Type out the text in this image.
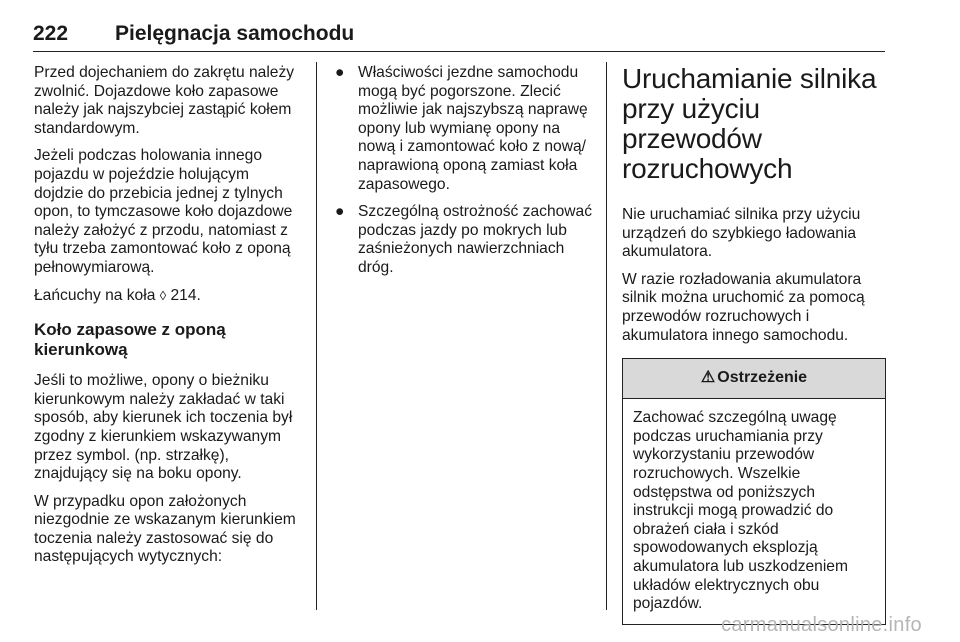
222 Pielęgnacja samochodu

Przed dojechaniem do zakrętu należy zwolnić. Dojazdowe koło zapasowe należy jak najszybciej zastąpić kołem standardowym.

Jeżeli podczas holowania innego pojazdu w pojeździe holującym dojdzie do przebicia jednej z tylnych opon, to tymczasowe koło dojazdowe należy założyć z przodu, natomiast z tyłu trzeba zamontować koło z oponą pełnowymiarową.

Łańcuchy na koła ◊ 214.

Koło zapasowe z oponą kierunkową

Jeśli to możliwe, opony o bieżniku kierunkowym należy zakładać w taki sposób, aby kierunek ich toczenia był zgodny z kierunkiem wskazywanym przez symbol. (np. strzałkę), znajdujący się na boku opony.

W przypadku opon założonych niezgodnie ze wskazanym kierunkiem toczenia należy zastosować się do następujących wytycznych:

● Właściwości jezdne samochodu mogą być pogorszone. Zlecić możliwie jak najszybszą naprawę opony lub wymianę opony na nową i zamontować koło z nową/ naprawioną oponą zamiast koła zapasowego.
● Szczególną ostrożność zachować podczas jazdy po mokrych lub zaśnieżonych nawierzchniach dróg.
Uruchamianie silnika przy użyciu przewodów rozruchowych

Nie uruchamiać silnika przy użyciu urządzeń do szybkiego ładowania akumulatora.

W razie rozładowania akumulatora silnik można uruchomić za pomocą przewodów rozruchowych i akumulatora innego samochodu.

⚠ Ostrzeżenie

Zachować szczególną uwagę podczas uruchamiania przy wykorzystaniu przewodów rozruchowych. Wszelkie odstępstwa od poniższych instrukcji mogą prowadzić do obrażeń ciała i szkód spowodowanych eksplozją akumulatora lub uszkodzeniem układów elektrycznych obu pojazdów.

carmanualsonline.info
